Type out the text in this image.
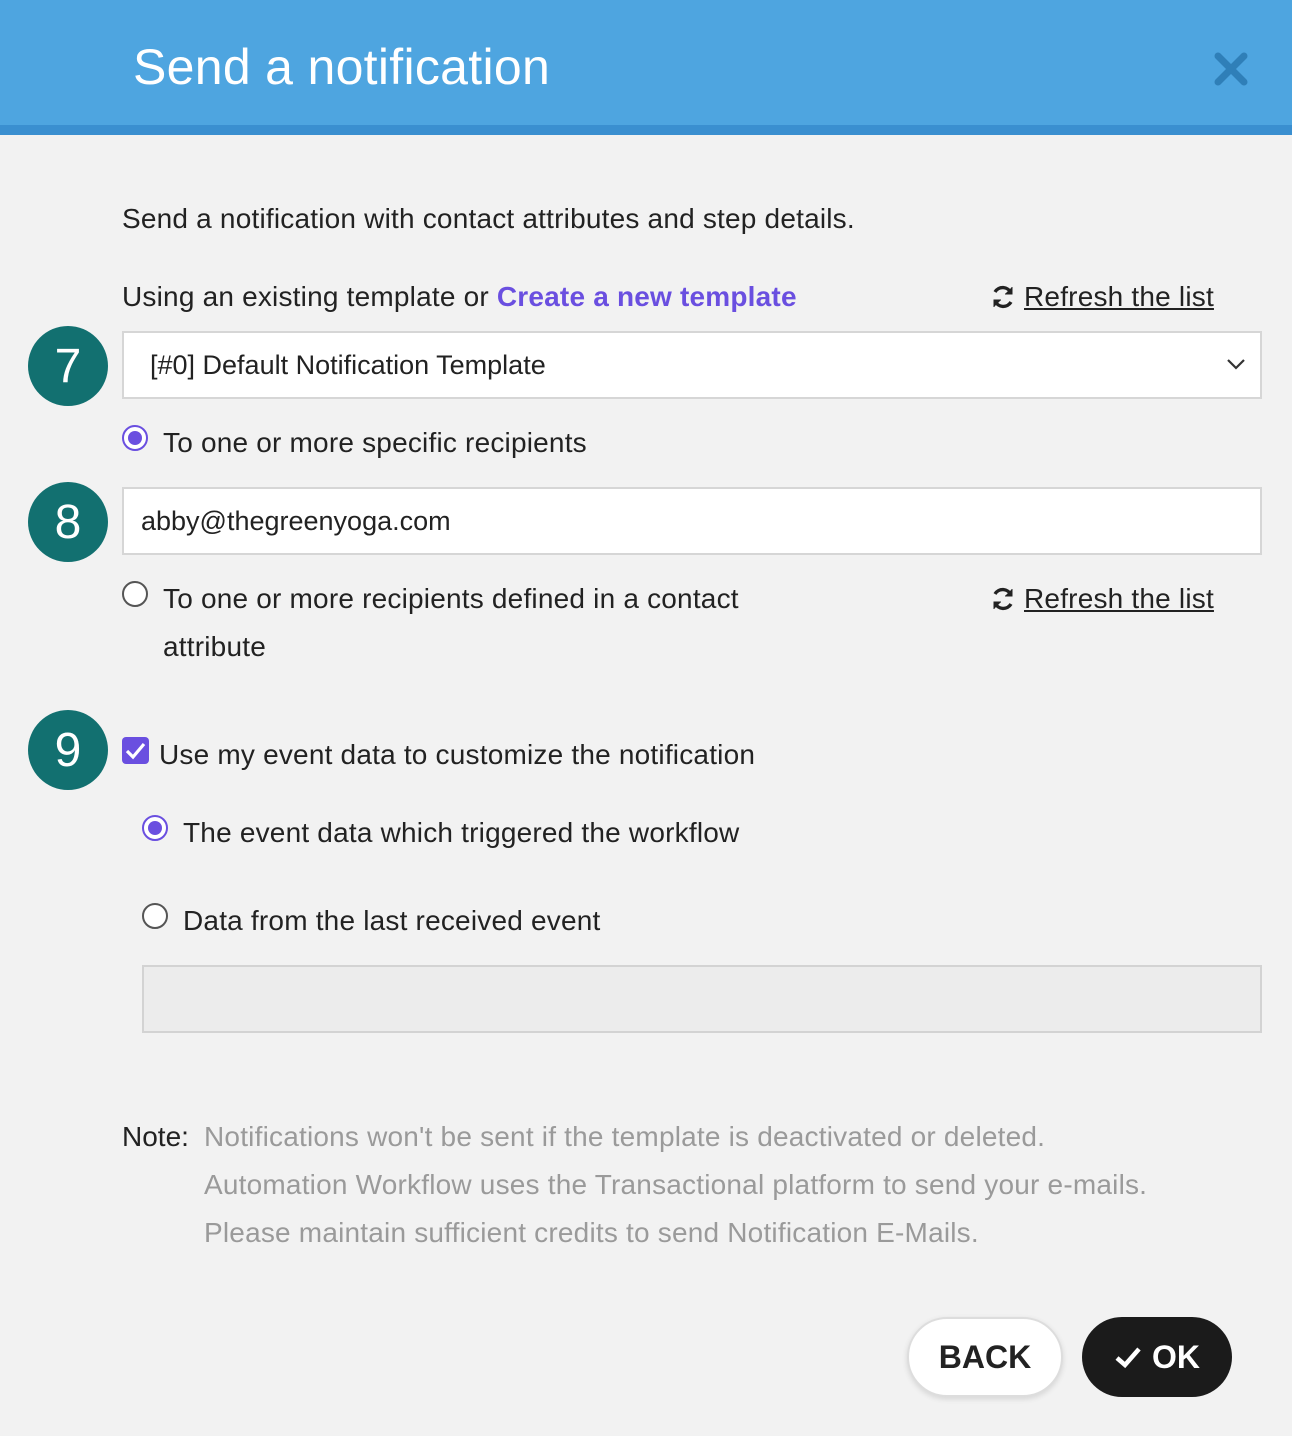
Send a notification
Send a notification with contact attributes and step details.
Using an existing template or Create a new template	Refresh the list
7	[#0] Default Notification Template
To one or more specific recipients
8
abby@thegreenyoga.com
To one or more recipients defined in a contact
attribute
Refresh the list
9	Use my event data to customize the notification
The event data which triggered the workflow
Data from the last received event
Note: Notifications won't be sent if the template is deactivated or deleted.
Automation Workflow uses the Transactional platform to send your e-mails.
Please maintain sufficient credits to send Notification E-Mails.
BACK	OK
